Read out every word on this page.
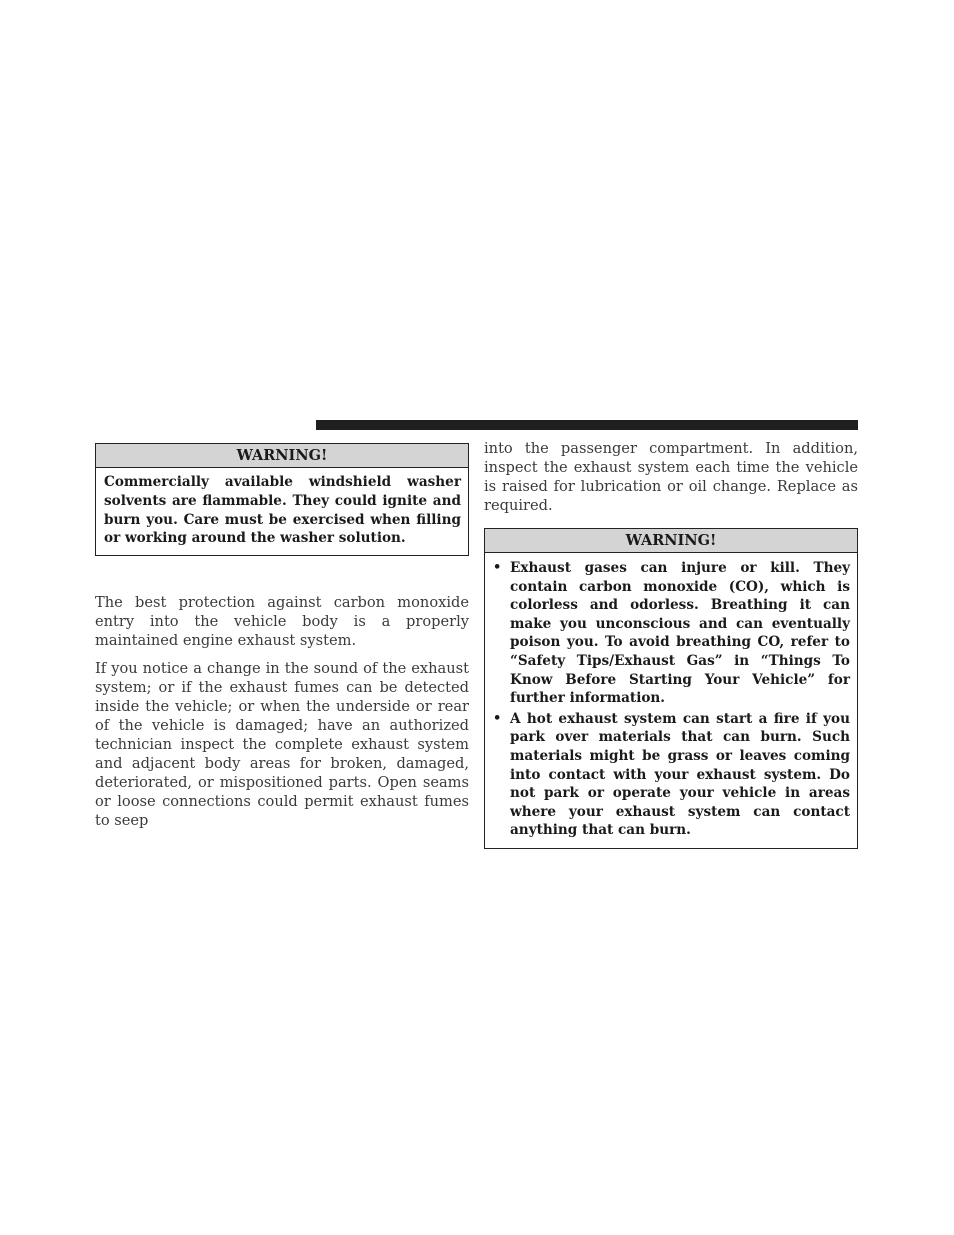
WARNING!
Commercially available windshield washer solvents are flammable. They could ignite and burn you. Care must be exercised when filling or working around the washer solution.

The best protection against carbon monoxide entry into the vehicle body is a properly maintained engine exhaust system.

If you notice a change in the sound of the exhaust system; or if the exhaust fumes can be detected inside the vehicle; or when the underside or rear of the vehicle is damaged; have an authorized technician inspect the complete exhaust system and adjacent body areas for broken, damaged, deteriorated, or mispositioned parts. Open seams or loose connections could permit exhaust fumes to seep

into the passenger compartment. In addition, inspect the exhaust system each time the vehicle is raised for lubrication or oil change. Replace as required.

WARNING!
• Exhaust gases can injure or kill. They contain carbon monoxide (CO), which is colorless and odorless. Breathing it can make you unconscious and can eventually poison you. To avoid breathing CO, refer to “Safety Tips/Exhaust Gas” in “Things To Know Before Starting Your Vehicle” for further information.
• A hot exhaust system can start a fire if you park over materials that can burn. Such materials might be grass or leaves coming into contact with your exhaust system. Do not park or operate your vehicle in areas where your exhaust system can contact anything that can burn.
